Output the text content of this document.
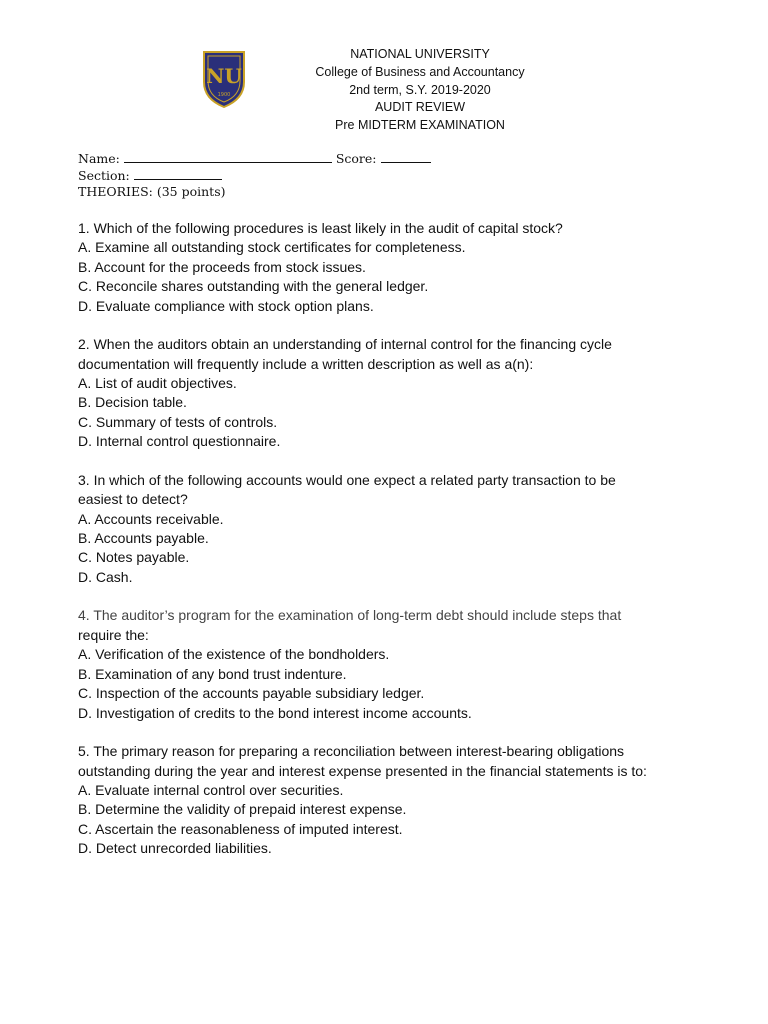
NU
1900
NATIONAL UNIVERSITY
College of Business and Accountancy
2nd term, S.Y. 2019-2020
AUDIT REVIEW
Pre MIDTERM EXAMINATION
Name:	Score:
Section:
THEORIES: (35 points)

1. Which of the following procedures is least likely in the audit of capital stock?

A. Examine all outstanding stock certificates for completeness.
B. Account for the proceeds from stock issues.
C. Reconcile shares outstanding with the general ledger.
D. Evaluate compliance with stock option plans.

2. When the auditors obtain an understanding of internal control for the financing cycle

documentation will frequently include a written description as well as a(n):

A. List of audit objectives.
B. Decision table.
C. Summary of tests of controls.
D. Internal control questionnaire.

3. In which of the following accounts would one expect a related party transaction to be

easiest to detect?

A. Accounts receivable.
B. Accounts payable.
C. Notes payable.
D. Cash.

4. The auditor’s program for the examination of long-term debt should include steps that

require the:

A. Verification of the existence of the bondholders.
B. Examination of any bond trust indenture.
C. Inspection of the accounts payable subsidiary ledger.
D. Investigation of credits to the bond interest income accounts.

5. The primary reason for preparing a reconciliation between interest-bearing obligations

outstanding during the year and interest expense presented in the financial statements is to:

A. Evaluate internal control over securities.
B. Determine the validity of prepaid interest expense.
C. Ascertain the reasonableness of imputed interest.
D. Detect unrecorded liabilities.
